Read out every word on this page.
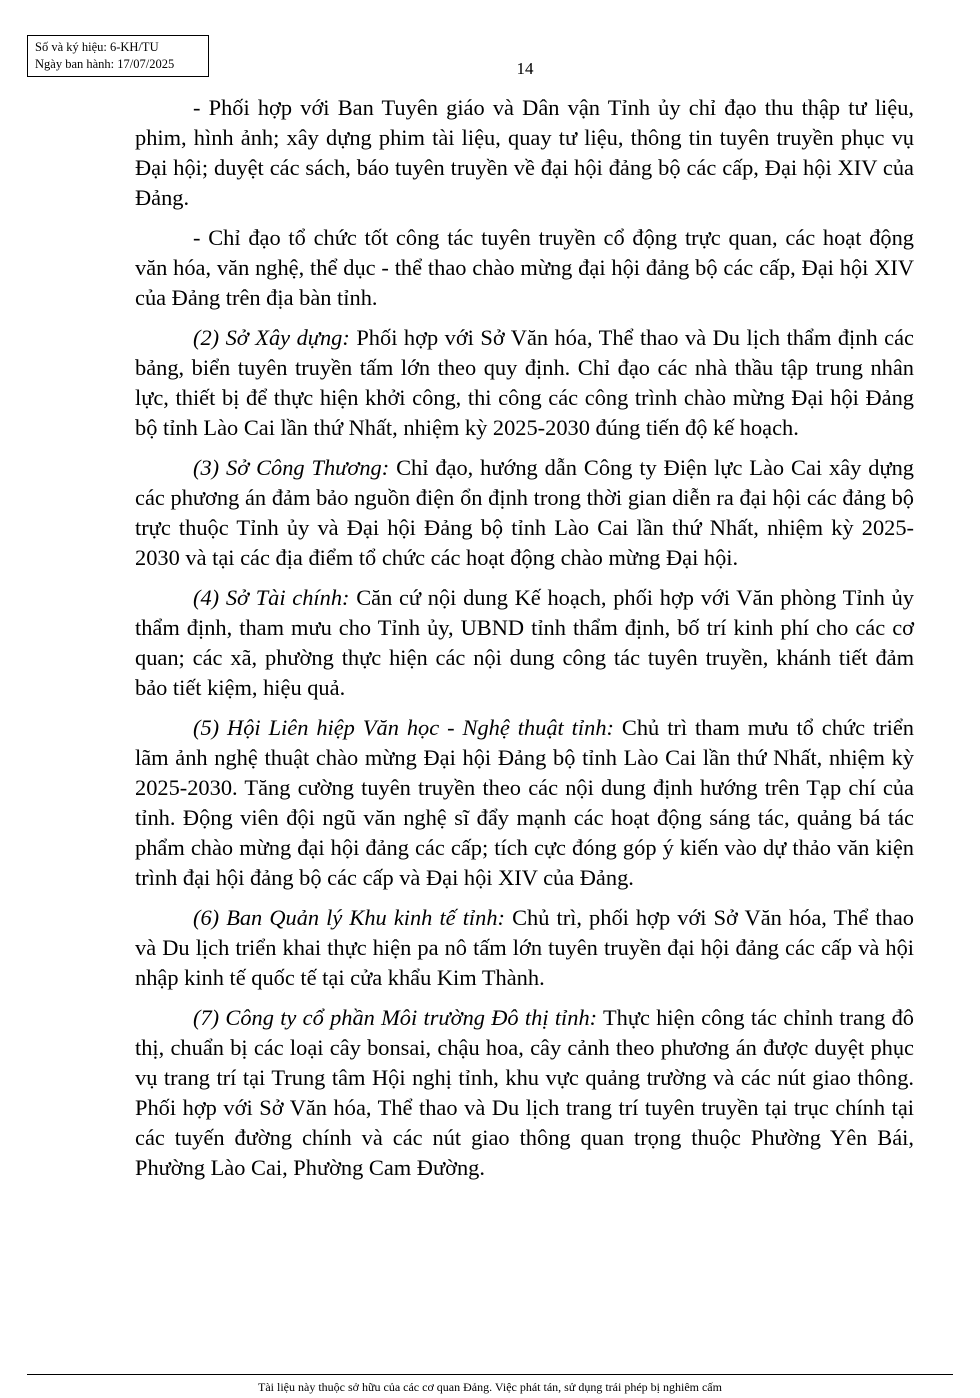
Số và ký hiệu: 6-KH/TU
Ngày ban hành: 17/07/2025	14

- Phối hợp với Ban Tuyên giáo và Dân vận Tỉnh ủy chỉ đạo thu thập tư liệu, phim, hình ảnh; xây dựng phim tài liệu, quay tư liệu, thông tin tuyên truyền phục vụ Đại hội; duyệt các sách, báo tuyên truyền về đại hội đảng bộ các cấp, Đại hội XIV của Đảng.

- Chỉ đạo tổ chức tốt công tác tuyên truyền cổ động trực quan, các hoạt động văn hóa, văn nghệ, thể dục - thể thao chào mừng đại hội đảng bộ các cấp, Đại hội XIV của Đảng trên địa bàn tỉnh.

(2) Sở Xây dựng: Phối hợp với Sở Văn hóa, Thể thao và Du lịch thẩm định các bảng, biển tuyên truyền tấm lớn theo quy định. Chỉ đạo các nhà thầu tập trung nhân lực, thiết bị để thực hiện khởi công, thi công các công trình chào mừng Đại hội Đảng bộ tỉnh Lào Cai lần thứ Nhất, nhiệm kỳ 2025-2030 đúng tiến độ kế hoạch.

(3) Sở Công Thương: Chỉ đạo, hướng dẫn Công ty Điện lực Lào Cai xây dựng các phương án đảm bảo nguồn điện ổn định trong thời gian diễn ra đại hội các đảng bộ trực thuộc Tỉnh ủy và Đại hội Đảng bộ tỉnh Lào Cai lần thứ Nhất, nhiệm kỳ 2025-2030 và tại các địa điểm tổ chức các hoạt động chào mừng Đại hội.

(4) Sở Tài chính: Căn cứ nội dung Kế hoạch, phối hợp với Văn phòng Tỉnh ủy thẩm định, tham mưu cho Tỉnh ủy, UBND tỉnh thẩm định, bố trí kinh phí cho các cơ quan; các xã, phường thực hiện các nội dung công tác tuyên truyền, khánh tiết đảm bảo tiết kiệm, hiệu quả.

(5) Hội Liên hiệp Văn học - Nghệ thuật tỉnh: Chủ trì tham mưu tổ chức triển lãm ảnh nghệ thuật chào mừng Đại hội Đảng bộ tỉnh Lào Cai lần thứ Nhất, nhiệm kỳ 2025-2030. Tăng cường tuyên truyền theo các nội dung định hướng trên Tạp chí của tỉnh. Động viên đội ngũ văn nghệ sĩ đẩy mạnh các hoạt động sáng tác, quảng bá tác phẩm chào mừng đại hội đảng các cấp; tích cực đóng góp ý kiến vào dự thảo văn kiện trình đại hội đảng bộ các cấp và Đại hội XIV của Đảng.

(6) Ban Quản lý Khu kinh tế tỉnh: Chủ trì, phối hợp với Sở Văn hóa, Thể thao và Du lịch triển khai thực hiện pa nô tấm lớn tuyên truyền đại hội đảng các cấp và hội nhập kinh tế quốc tế tại cửa khẩu Kim Thành.

(7) Công ty cổ phần Môi trường Đô thị tỉnh: Thực hiện công tác chỉnh trang đô thị, chuẩn bị các loại cây bonsai, chậu hoa, cây cảnh theo phương án được duyệt phục vụ trang trí tại Trung tâm Hội nghị tỉnh, khu vực quảng trường và các nút giao thông. Phối hợp với Sở Văn hóa, Thể thao và Du lịch trang trí tuyên truyền tại trục chính tại các tuyến đường chính và các nút giao thông quan trọng thuộc Phường Yên Bái, Phường Lào Cai, Phường Cam Đường.

Tài liệu này thuộc sở hữu của các cơ quan Đảng. Việc phát tán, sử dụng trái phép bị nghiêm cấm
